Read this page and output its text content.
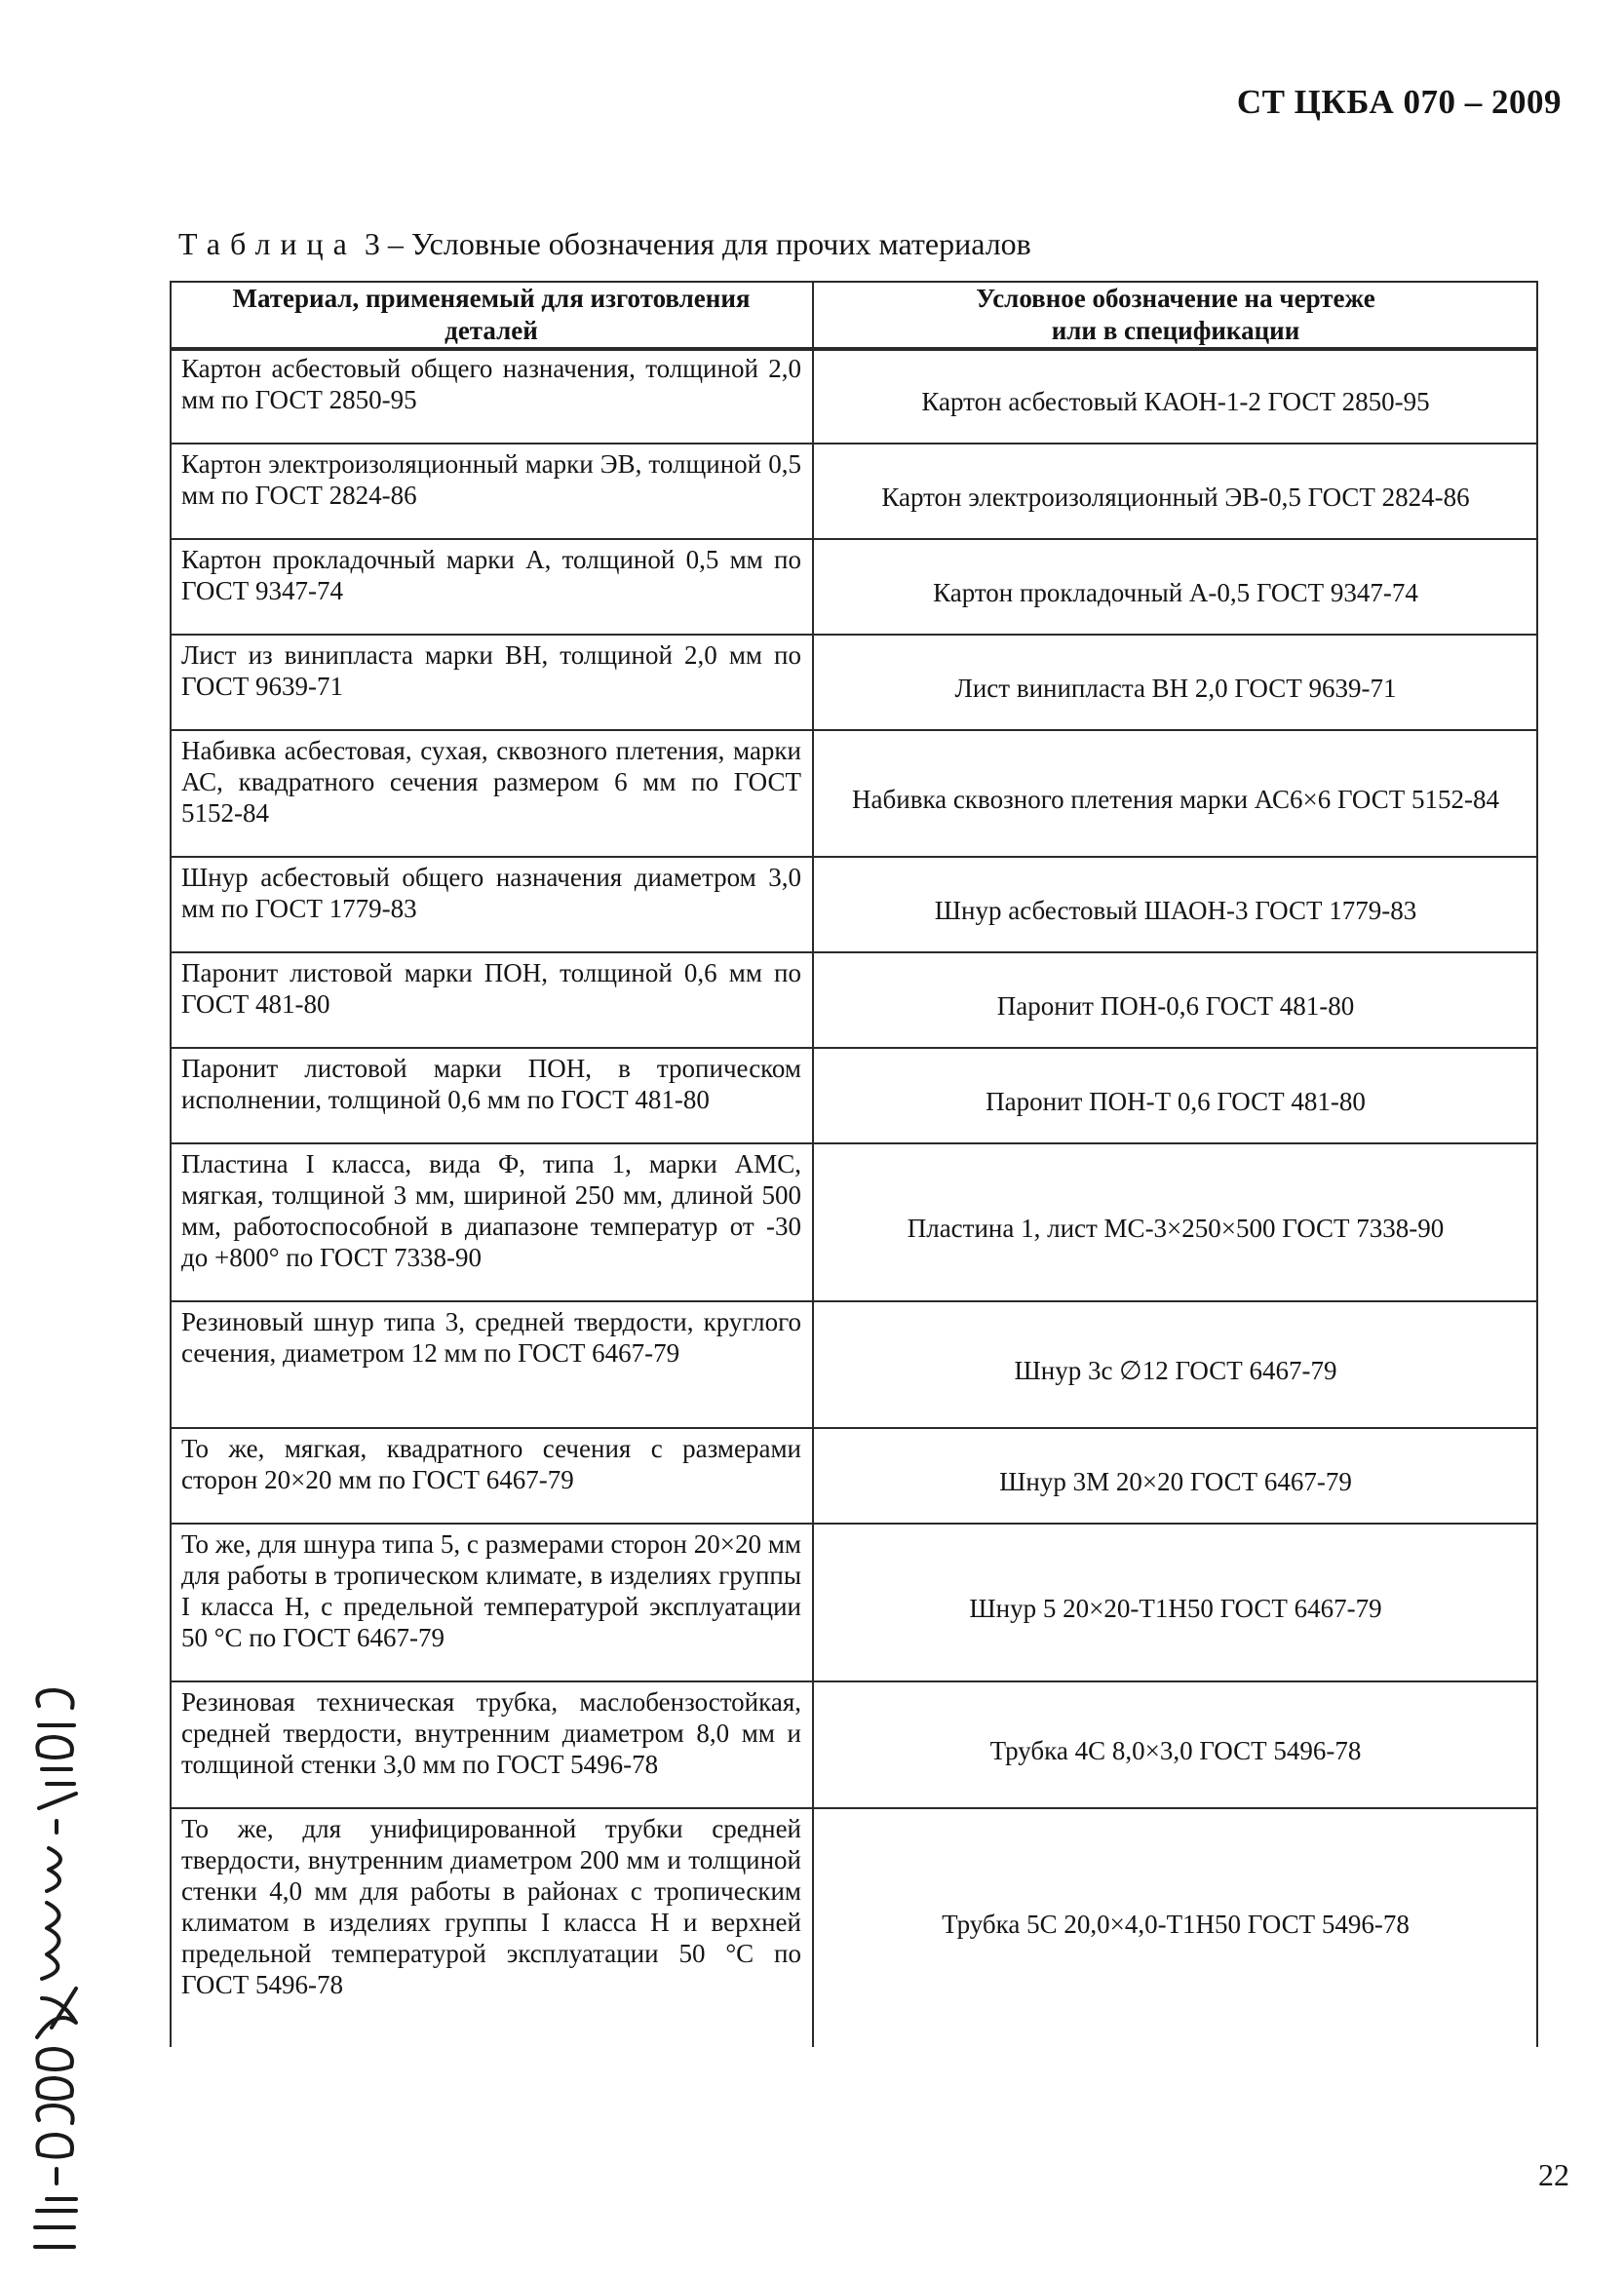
СТ ЦКБА 070 – 2009
Таблица 3 – Условные обозначения для прочих материалов
Материал, применяемый для изготовления деталей	Условное обозначение на чертеже или в спецификации
Картон асбестовый общего назначения, толщиной 2,0 мм по ГОСТ 2850-95	Картон асбестовый КАОН-1-2 ГОСТ 2850-95
Картон электроизоляционный марки ЭВ, толщиной 0,5 мм по ГОСТ 2824-86	Картон электроизоляционный ЭВ-0,5 ГОСТ 2824-86
Картон прокладочный марки А, толщиной 0,5 мм по ГОСТ 9347-74	Картон прокладочный А-0,5 ГОСТ 9347-74
Лист из винипласта марки ВН, толщиной 2,0 мм по ГОСТ 9639-71	Лист винипласта ВН 2,0 ГОСТ 9639-71
Набивка асбестовая, сухая, сквозного плетения, марки АС, квадратного сечения размером 6 мм по ГОСТ 5152-84	Набивка сквозного плетения марки АС6×6 ГОСТ 5152-84
Шнур асбестовый общего назначения диаметром 3,0 мм по ГОСТ 1779-83	Шнур асбестовый ШАОН-3 ГОСТ 1779-83
Паронит листовой марки ПОН, толщиной 0,6 мм по ГОСТ 481-80	Паронит ПОН-0,6 ГОСТ 481-80
Паронит листовой марки ПОН, в тропическом исполнении, толщиной 0,6 мм по ГОСТ 481-80	Паронит ПОН-Т 0,6 ГОСТ 481-80
Пластина I класса, вида Ф, типа 1, марки АМС, мягкая, толщиной 3 мм, шириной 250 мм, длиной 500 мм, работоспособной в диапазоне температур от -30 до +800° по ГОСТ 7338-90	Пластина 1, лист МС-3×250×500 ГОСТ 7338-90
Резиновый шнур типа 3, средней твердости, круглого сечения, диаметром 12 мм по ГОСТ 6467-79	Шнур 3с ∅12 ГОСТ 6467-79
То же, мягкая, квадратного сечения с размерами сторон 20×20 мм по ГОСТ 6467-79	Шнур 3М 20×20 ГОСТ 6467-79
То же, для шнура типа 5, с размерами сторон 20×20 мм для работы в тропическом климате, в изделиях группы I класса Н, с предельной температурой эксплуатации 50 °С по ГОСТ 6467-79	Шнур 5 20×20-Т1Н50 ГОСТ 6467-79
Резиновая техническая трубка, маслобензостойкая, средней твердости, внутренним диаметром 8,0 мм и толщиной стенки 3,0 мм по ГОСТ 5496-78	Трубка 4С 8,0×3,0 ГОСТ 5496-78
То же, для унифицированной трубки средней твердости, внутренним диаметром 200 мм и толщиной стенки 4,0 мм для работы в районах с тропическим климатом в изделиях группы I класса Н и верхней предельной температурой эксплуатации 50 °С по ГОСТ 5496-78	Трубка 5С 20,0×4,0-Т1Н50 ГОСТ 5496-78
22
